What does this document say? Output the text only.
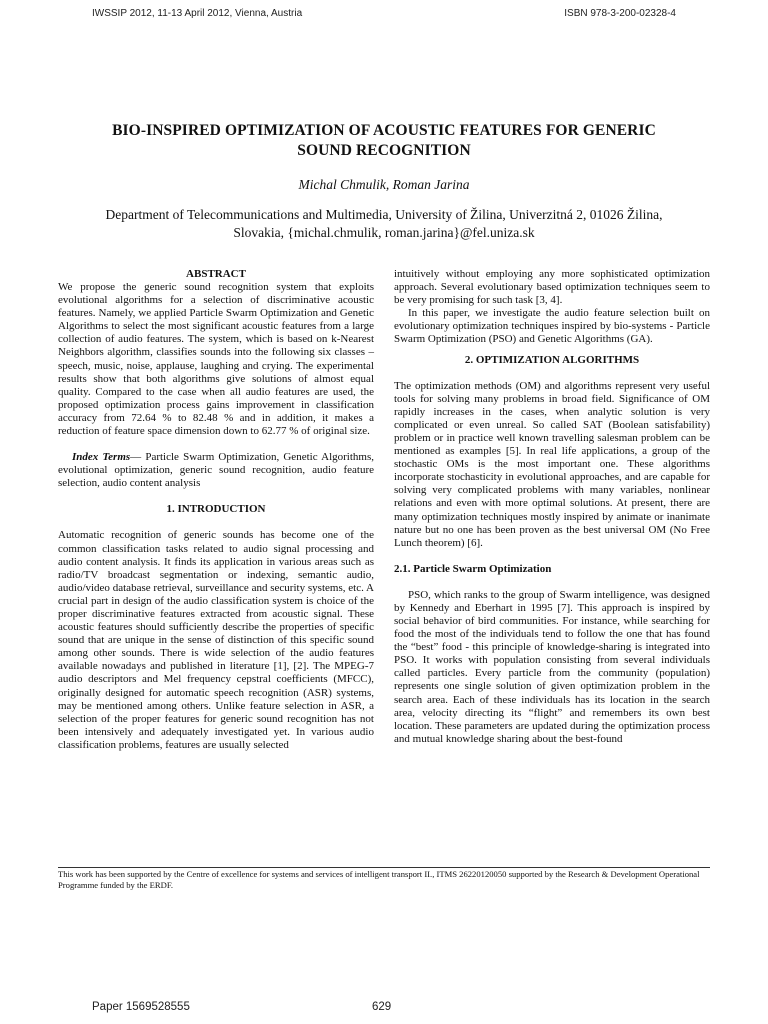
IWSSIP 2012, 11-13 April 2012, Vienna, Austria	ISBN 978-3-200-02328-4
BIO-INSPIRED OPTIMIZATION OF ACOUSTIC FEATURES FOR GENERIC
SOUND RECOGNITION
Michal Chmulik, Roman Jarina
Department of Telecommunications and Multimedia, University of Žilina, Univerzitná 2, 01026 Žilina,
Slovakia, {michal.chmulik, roman.jarina}@fel.uniza.sk
ABSTRACT

We propose the generic sound recognition system that exploits evolutional algorithms for a selection of discriminative acoustic features. Namely, we applied Particle Swarm Optimization and Genetic Algorithms to select the most significant acoustic features from a large collection of audio features. The system, which is based on k-Nearest Neighbors algorithm, classifies sounds into the following six classes – speech, music, noise, applause, laughing and crying. The experimental results show that both algorithms give solutions of almost equal quality. Compared to the case when all audio features are used, the proposed optimization process gains improvement in classification accuracy from 72.64 % to 82.48 % and in addition, it makes a reduction of feature space dimension down to 62.77 % of original size.

Index Terms— Particle Swarm Optimization, Genetic Algorithms, evolutional optimization, generic sound recognition, audio feature selection, audio content analysis

1. INTRODUCTION

Automatic recognition of generic sounds has become one of the common classification tasks related to audio signal processing and audio content analysis. It finds its application in various areas such as radio/TV broadcast segmentation or indexing, semantic audio, audio/video database retrieval, surveillance and security systems, etc. A crucial part in design of the audio classification system is choice of the proper discriminative features extracted from acoustic signal. These acoustic features should sufficiently describe the properties of specific sound that are unique in the sense of distinction of this specific sound among other sounds. There is wide selection of the audio features available nowadays and published in literature [1], [2]. The MPEG-7 audio descriptors and Mel frequency cepstral coefficients (MFCC), originally designed for automatic speech recognition (ASR) systems, may be mentioned among others. Unlike feature selection in ASR, a selection of the proper features for generic sound recognition has not been intensively and adequately investigated yet. In various audio classification problems, features are usually selected

intuitively without employing any more sophisticated optimization approach. Several evolutionary based optimization techniques seem to be very promising for such task [3, 4].

In this paper, we investigate the audio feature selection built on evolutionary optimization techniques inspired by bio-systems - Particle Swarm Optimization (PSO) and Genetic Algorithms (GA).

2. OPTIMIZATION ALGORITHMS

The optimization methods (OM) and algorithms represent very useful tools for solving many problems in broad field. Significance of OM rapidly increases in the cases, when analytic solution is very complicated or even unreal. So called SAT (Boolean satisfability) problem or in practice well known travelling salesman problem can be mentioned as examples [5]. In real life applications, a group of the stochastic OMs is the most important one. These algorithms incorporate stochasticity in evolutional approaches, and are capable for solving very complicated problems with many variables, nonlinear relations and even with more optimal solutions. At present, there are many optimization techniques mostly inspired by animate or inanimate nature but no one has been proven as the best universal OM (No Free Lunch theorem) [6].

2.1. Particle Swarm Optimization

PSO, which ranks to the group of Swarm intelligence, was designed by Kennedy and Eberhart in 1995 [7]. This approach is inspired by social behavior of bird communities. For instance, while searching for food the most of the individuals tend to follow the one that has found the “best” food - this principle of knowledge-sharing is integrated into PSO. It works with population consisting from several individuals called particles. Every particle from the community (population) represents one single solution of given optimization problem in the search area. Each of these individuals has its location in the search area, velocity directing its “flight” and remembers its own best location. These parameters are updated during the optimization process and mutual knowledge sharing about the best-found

This work has been supported by the Centre of excellence for systems and services of intelligent transport II., ITMS 26220120050 supported by the Research & Development Operational Programme funded by the ERDF.
Paper 1569528555	629
